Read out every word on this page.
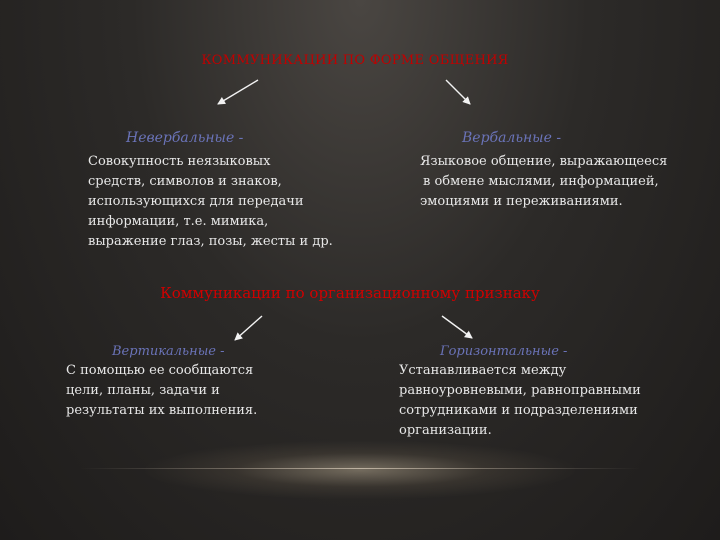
КОММУНИКАЦИИ ПО ФОРМЕ ОБЩЕНИЯ
Невербальные -
Совокупность неязыковых
средств, символов и знаков,
использующихся для передачи
информации, т.е. мимика,
выражение глаз, позы, жесты и др.
Вербальные -
Языковое общение, выражающееся
в обмене мыслями, информацией,
эмоциями и переживаниями.
Коммуникации по организационному признаку
Вертикальные -
С помощью ее сообщаются
цели, планы, задачи и
результаты их выполнения.
Горизонтальные -
Устанавливается между
равноуровневыми, равноправными
сотрудниками и подразделениями
организации.
